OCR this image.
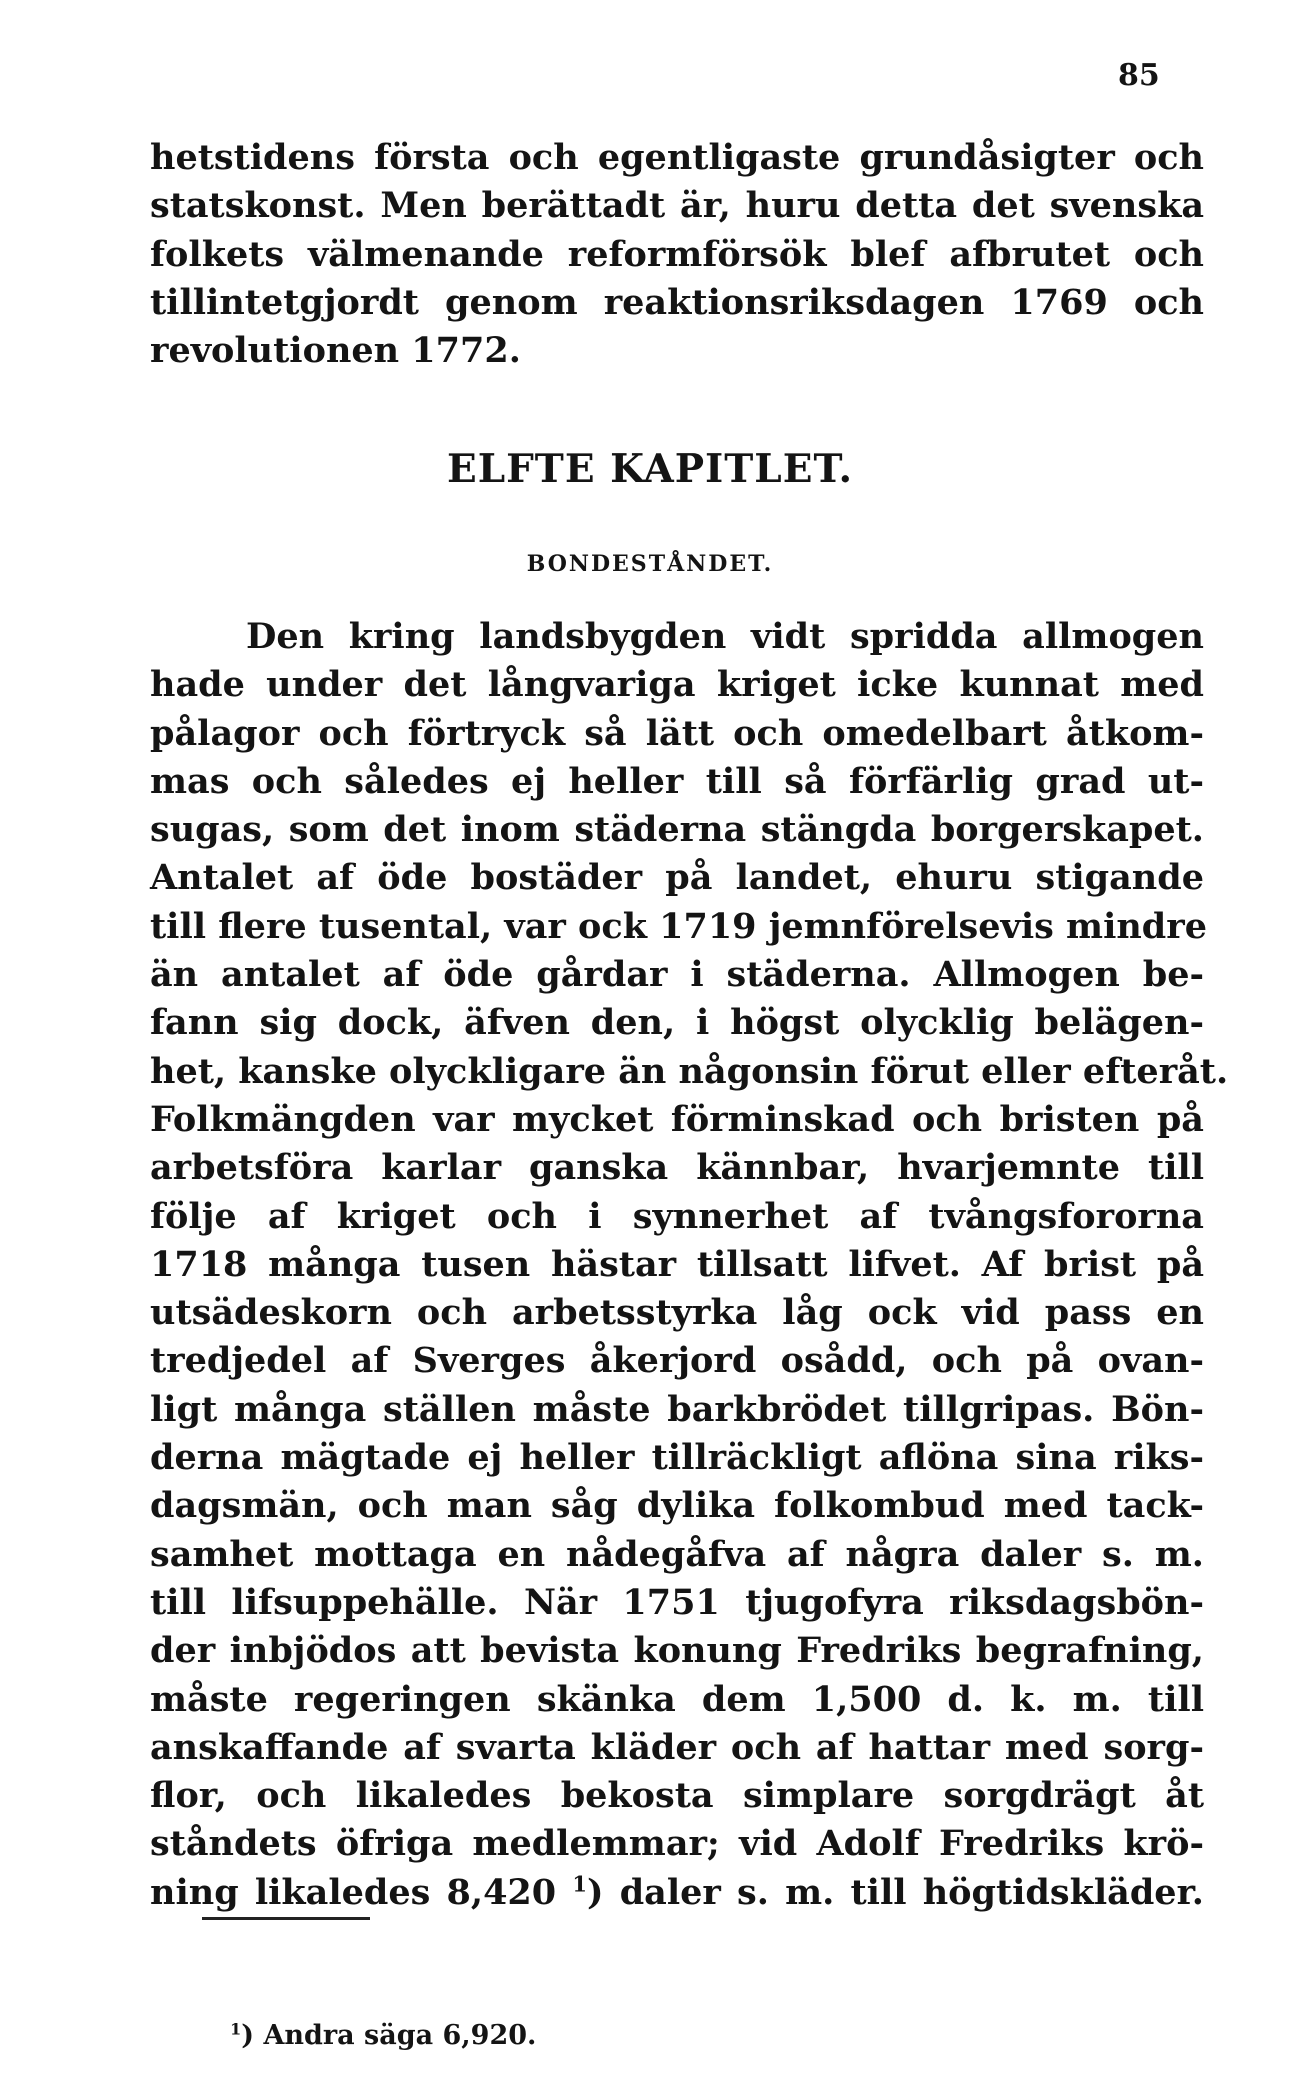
85
hetstidens första och egentligaste grundåsigter och
statskonst. Men berättadt är, huru detta det svenska
folkets välmenande reformförsök blef afbrutet och
tillintetgjordt genom reaktionsriksdagen 1769 och
revolutionen 1772.
ELFTE KAPITLET.
BONDESTÅNDET.
Den kring landsbygden vidt spridda allmogen
hade under det långvariga kriget icke kunnat med
pålagor och förtryck så lätt och omedelbart åtkom-
mas och således ej heller till så förfärlig grad ut-
sugas, som det inom städerna stängda borgerskapet.
Antalet af öde bostäder på landet, ehuru stigande
till flere tusental, var ock 1719 jemnförelsevis mindre
än antalet af öde gårdar i städerna. Allmogen be-
fann sig dock, äfven den, i högst olycklig belägen-
het, kanske olyckligare än någonsin förut eller efteråt.
Folkmängden var mycket förminskad och bristen på
arbetsföra karlar ganska kännbar, hvarjemnte till
följe af kriget och i synnerhet af tvångsfororna
1718 många tusen hästar tillsatt lifvet. Af brist på
utsädeskorn och arbetsstyrka låg ock vid pass en
tredjedel af Sverges åkerjord osådd, och på ovan-
ligt många ställen måste barkbrödet tillgripas. Bön-
derna mägtade ej heller tillräckligt aflöna sina riks-
dagsmän, och man såg dylika folkombud med tack-
samhet mottaga en nådegåfva af några daler s. m.
till lifsuppehälle. När 1751 tjugofyra riksdagsbön-
der inbjödos att bevista konung Fredriks begrafning,
måste regeringen skänka dem 1,500 d. k. m. till
anskaffande af svarta kläder och af hattar med sorg-
flor, och likaledes bekosta simplare sorgdrägt åt
ståndets öfriga medlemmar; vid Adolf Fredriks krö-
ning likaledes 8,420 $^1$) daler s. m. till högtidskläder.
$^1$) Andra säga 6,920.
